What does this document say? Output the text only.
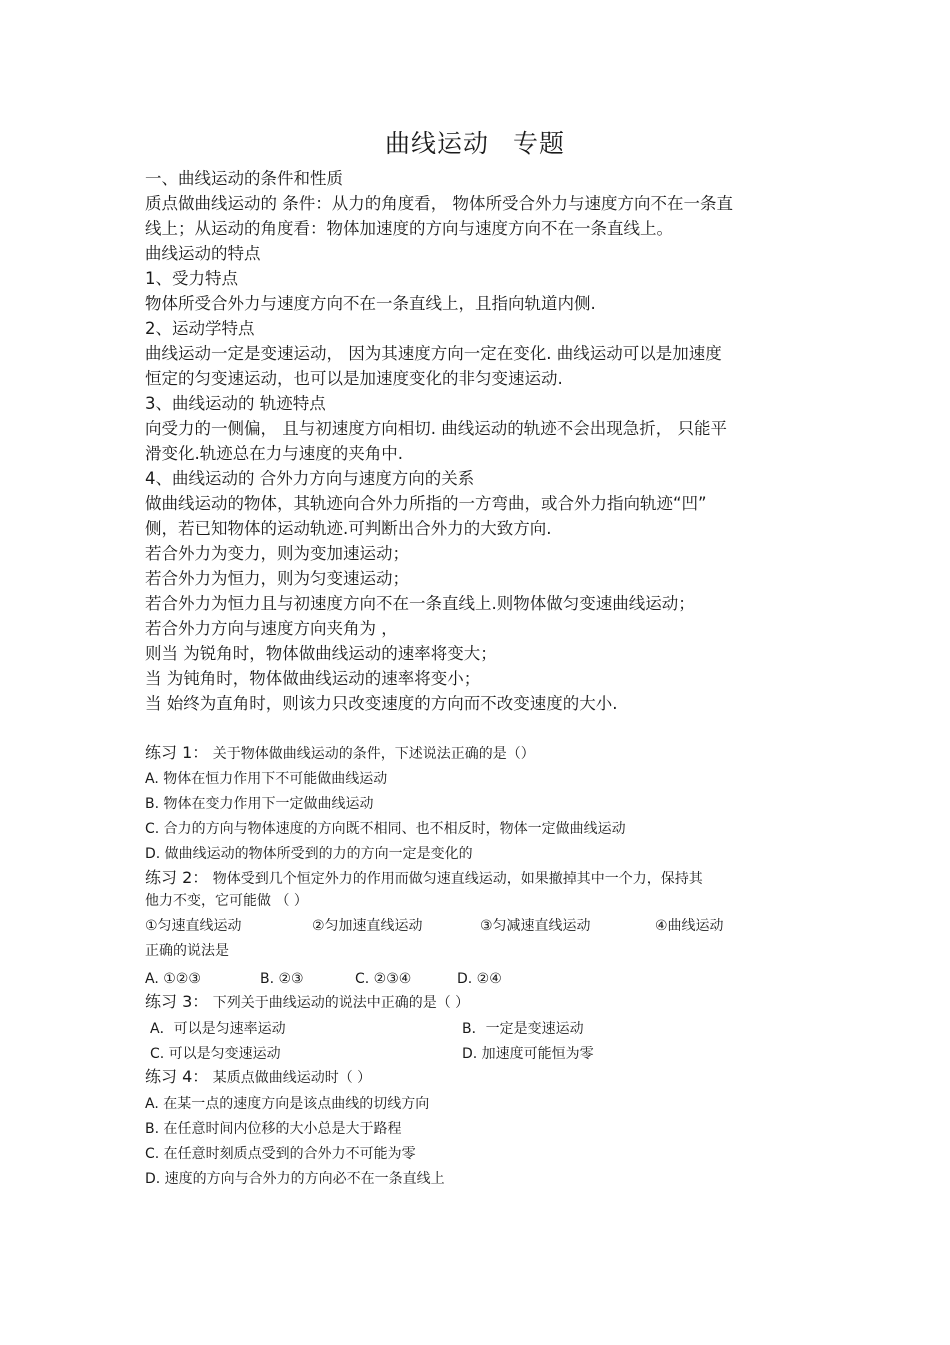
曲线运动 专题
一、曲线运动的条件和性质
质点做曲线运动的 条件：从力的角度看， 物体所受合外力与速度方向不在一条直
线上；从运动的角度看：物体加速度的方向与速度方向不在一条直线上。
曲线运动的特点
1、受力特点
物体所受合外力与速度方向不在一条直线上，且指向轨道内侧.
2、运动学特点
曲线运动一定是变速运动， 因为其速度方向一定在变化. 曲线运动可以是加速度
恒定的匀变速运动，也可以是加速度变化的非匀变速运动.
3、曲线运动的 轨迹特点
向受力的一侧偏， 且与初速度方向相切. 曲线运动的轨迹不会出现急折， 只能平
滑变化.轨迹总在力与速度的夹角中.
4、曲线运动的 合外力方向与速度方向的关系
做曲线运动的物体，其轨迹向合外力所指的一方弯曲，或合外力指向轨迹“凹”
侧，若已知物体的运动轨迹.可判断出合外力的大致方向.
若合外力为变力，则为变加速运动；
若合外力为恒力，则为匀变速运动；
若合外力为恒力且与初速度方向不在一条直线上.则物体做匀变速曲线运动；
若合外力方向与速度方向夹角为 ，
则当 为锐角时，物体做曲线运动的速率将变大；
当 为钝角时，物体做曲线运动的速率将变小；
当 始终为直角时，则该力只改变速度的方向而不改变速度的大小.
练习 1： 关于物体做曲线运动的条件，下述说法正确的是（）
A. 物体在恒力作用下不可能做曲线运动
B. 物体在变力作用下一定做曲线运动
C. 合力的方向与物体速度的方向既不相同、也不相反时，物体一定做曲线运动
D. 做曲线运动的物体所受到的力的方向一定是变化的
练习 2： 物体受到几个恒定外力的作用而做匀速直线运动，如果撤掉其中一个力，保持其
他力不变，它可能做 （ ）
①匀速直线运动	②匀加速直线运动	③匀减速直线运动	④曲线运动
正确的说法是
A. ①②③	B. ②③	C. ②③④	D. ②④
练习 3： 下列关于曲线运动的说法中正确的是（ ）
A．可以是匀速率运动	B．一定是变速运动
C. 可以是匀变速运动	D. 加速度可能恒为零
练习 4： 某质点做曲线运动时（ ）
A. 在某一点的速度方向是该点曲线的切线方向
B. 在任意时间内位移的大小总是大于路程
C. 在任意时刻质点受到的合外力不可能为零
D. 速度的方向与合外力的方向必不在一条直线上
